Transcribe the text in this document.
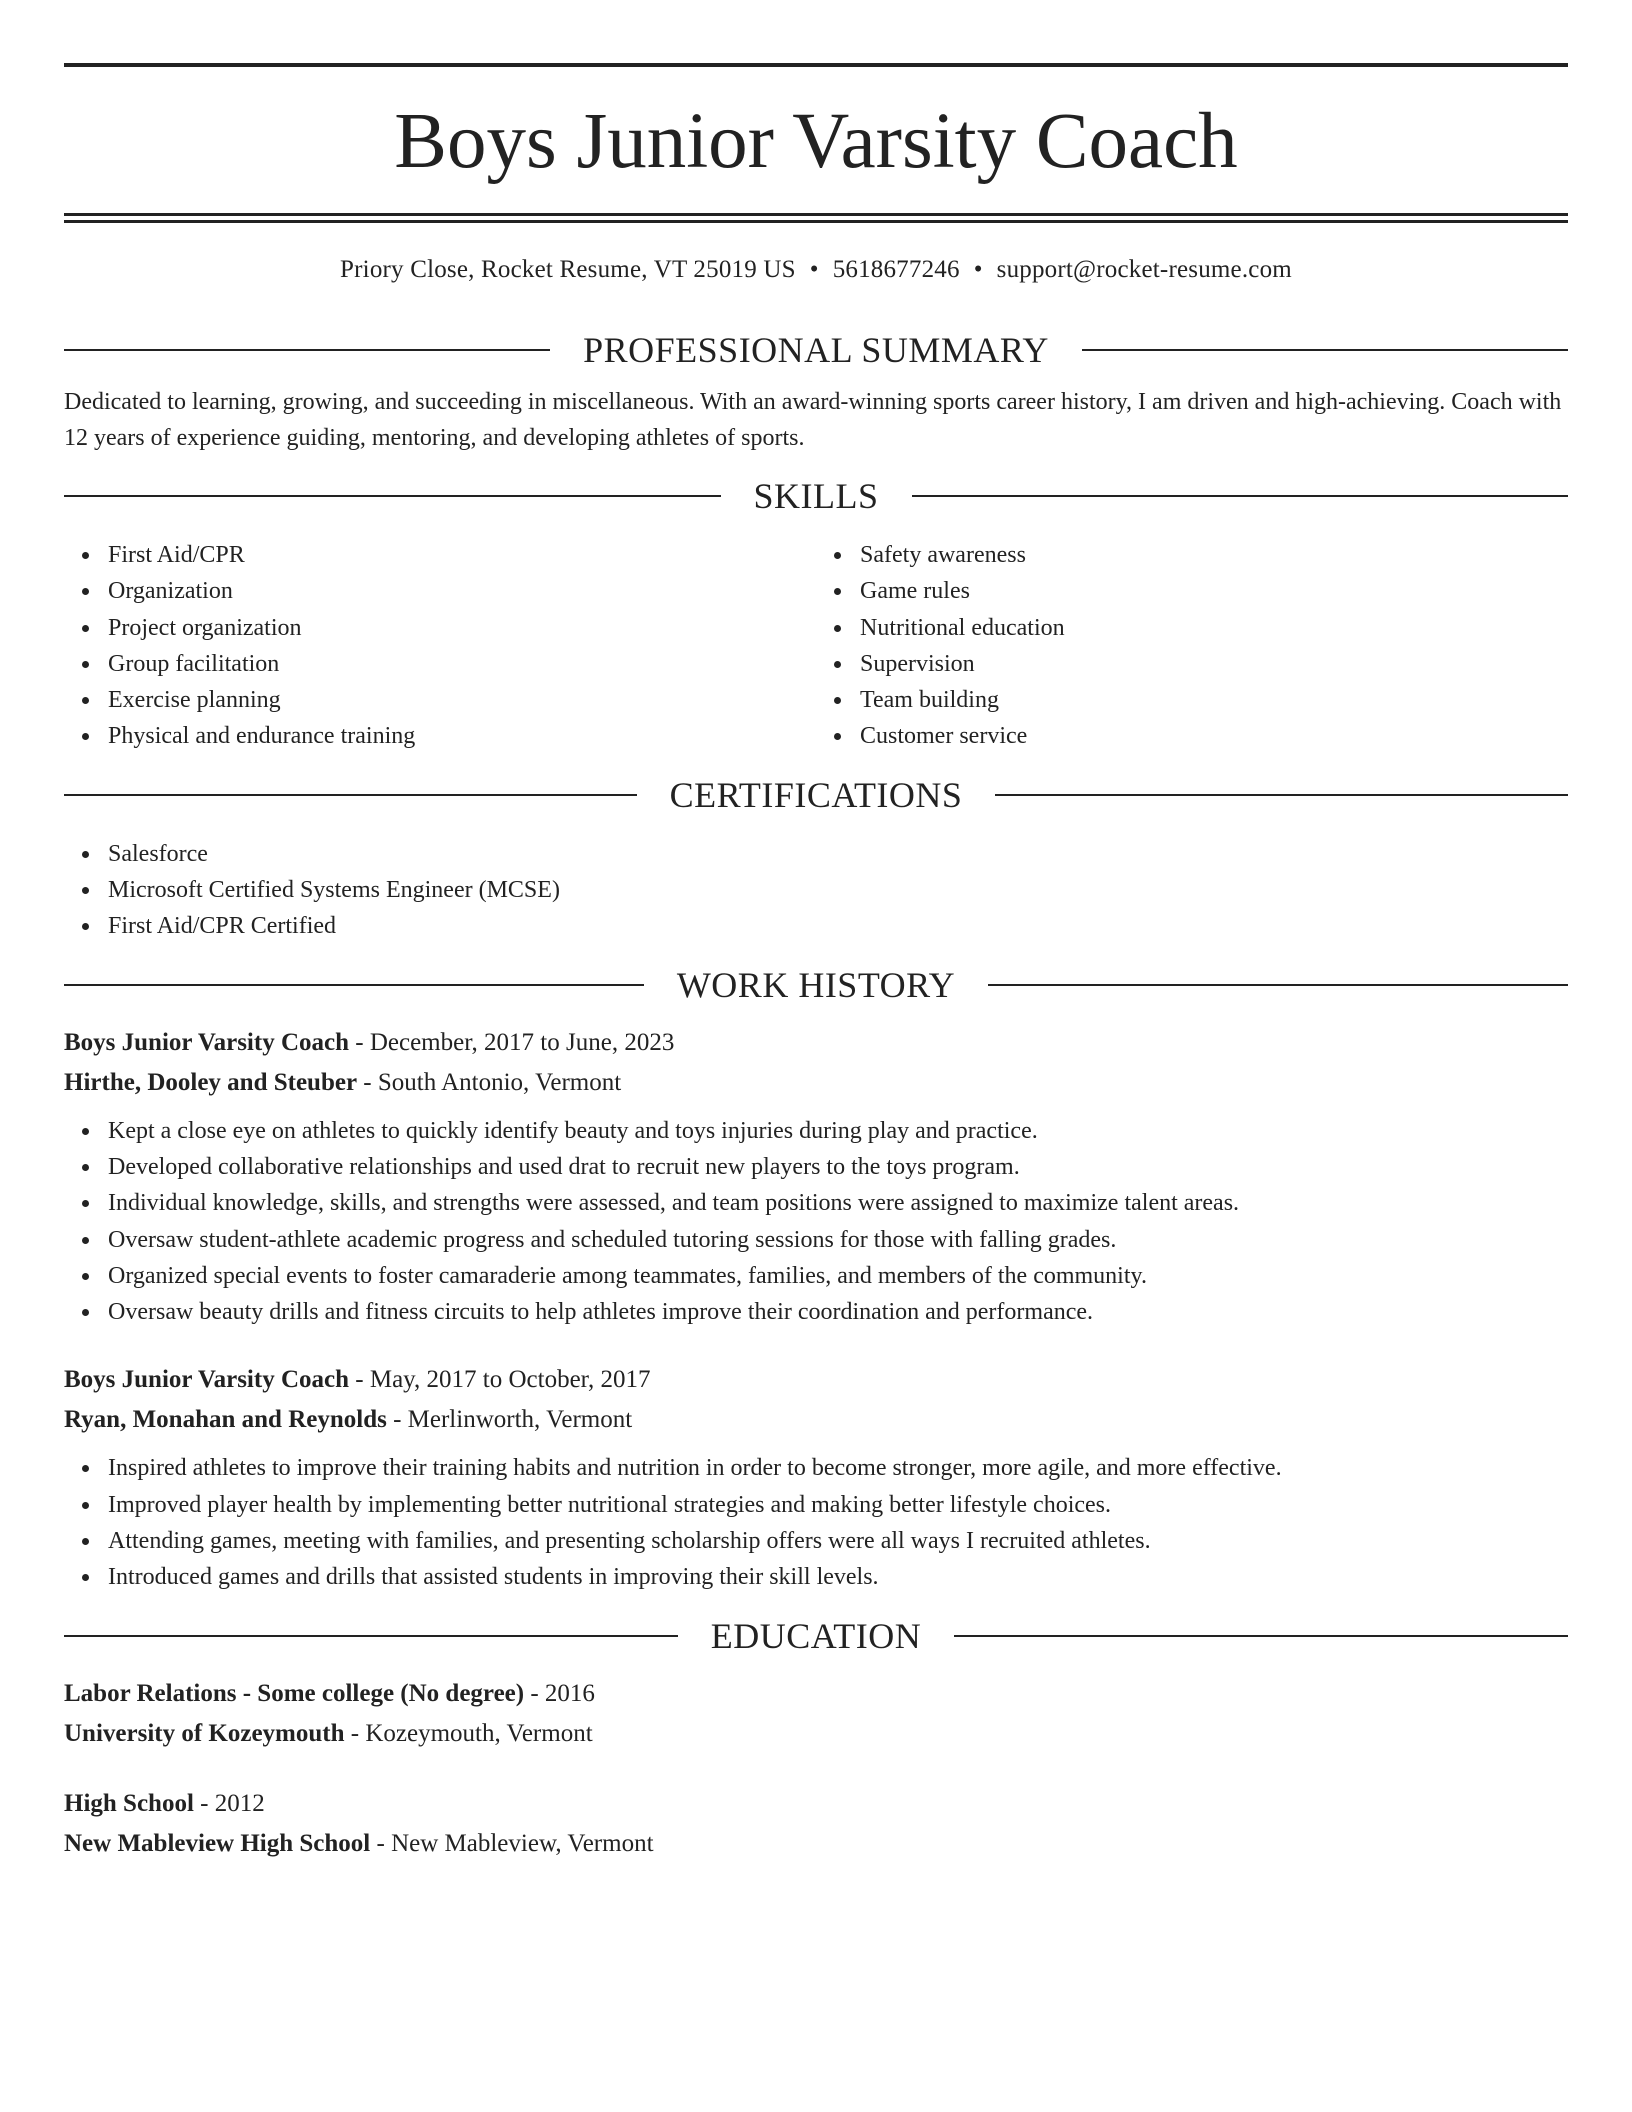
Boys Junior Varsity Coach
Priory Close, Rocket Resume, VT 25019 US • 5618677246 • support@rocket-resume.com
PROFESSIONAL SUMMARY
Dedicated to learning, growing, and succeeding in miscellaneous. With an award-winning sports career history, I am driven and high-achieving. Coach with 12 years of experience guiding, mentoring, and developing athletes of sports.
SKILLS
First Aid/CPR
Organization
Project organization
Group facilitation
Exercise planning
Physical and endurance training
Safety awareness
Game rules
Nutritional education
Supervision
Team building
Customer service
CERTIFICATIONS
Salesforce
Microsoft Certified Systems Engineer (MCSE)
First Aid/CPR Certified
WORK HISTORY
Boys Junior Varsity Coach - December, 2017 to June, 2023
Hirthe, Dooley and Steuber - South Antonio, Vermont
Kept a close eye on athletes to quickly identify beauty and toys injuries during play and practice.
Developed collaborative relationships and used drat to recruit new players to the toys program.
Individual knowledge, skills, and strengths were assessed, and team positions were assigned to maximize talent areas.
Oversaw student-athlete academic progress and scheduled tutoring sessions for those with falling grades.
Organized special events to foster camaraderie among teammates, families, and members of the community.
Oversaw beauty drills and fitness circuits to help athletes improve their coordination and performance.
Boys Junior Varsity Coach - May, 2017 to October, 2017
Ryan, Monahan and Reynolds - Merlinworth, Vermont
Inspired athletes to improve their training habits and nutrition in order to become stronger, more agile, and more effective.
Improved player health by implementing better nutritional strategies and making better lifestyle choices.
Attending games, meeting with families, and presenting scholarship offers were all ways I recruited athletes.
Introduced games and drills that assisted students in improving their skill levels.
EDUCATION
Labor Relations - Some college (No degree) - 2016
University of Kozeymouth - Kozeymouth, Vermont
High School - 2012
New Mableview High School - New Mableview, Vermont
